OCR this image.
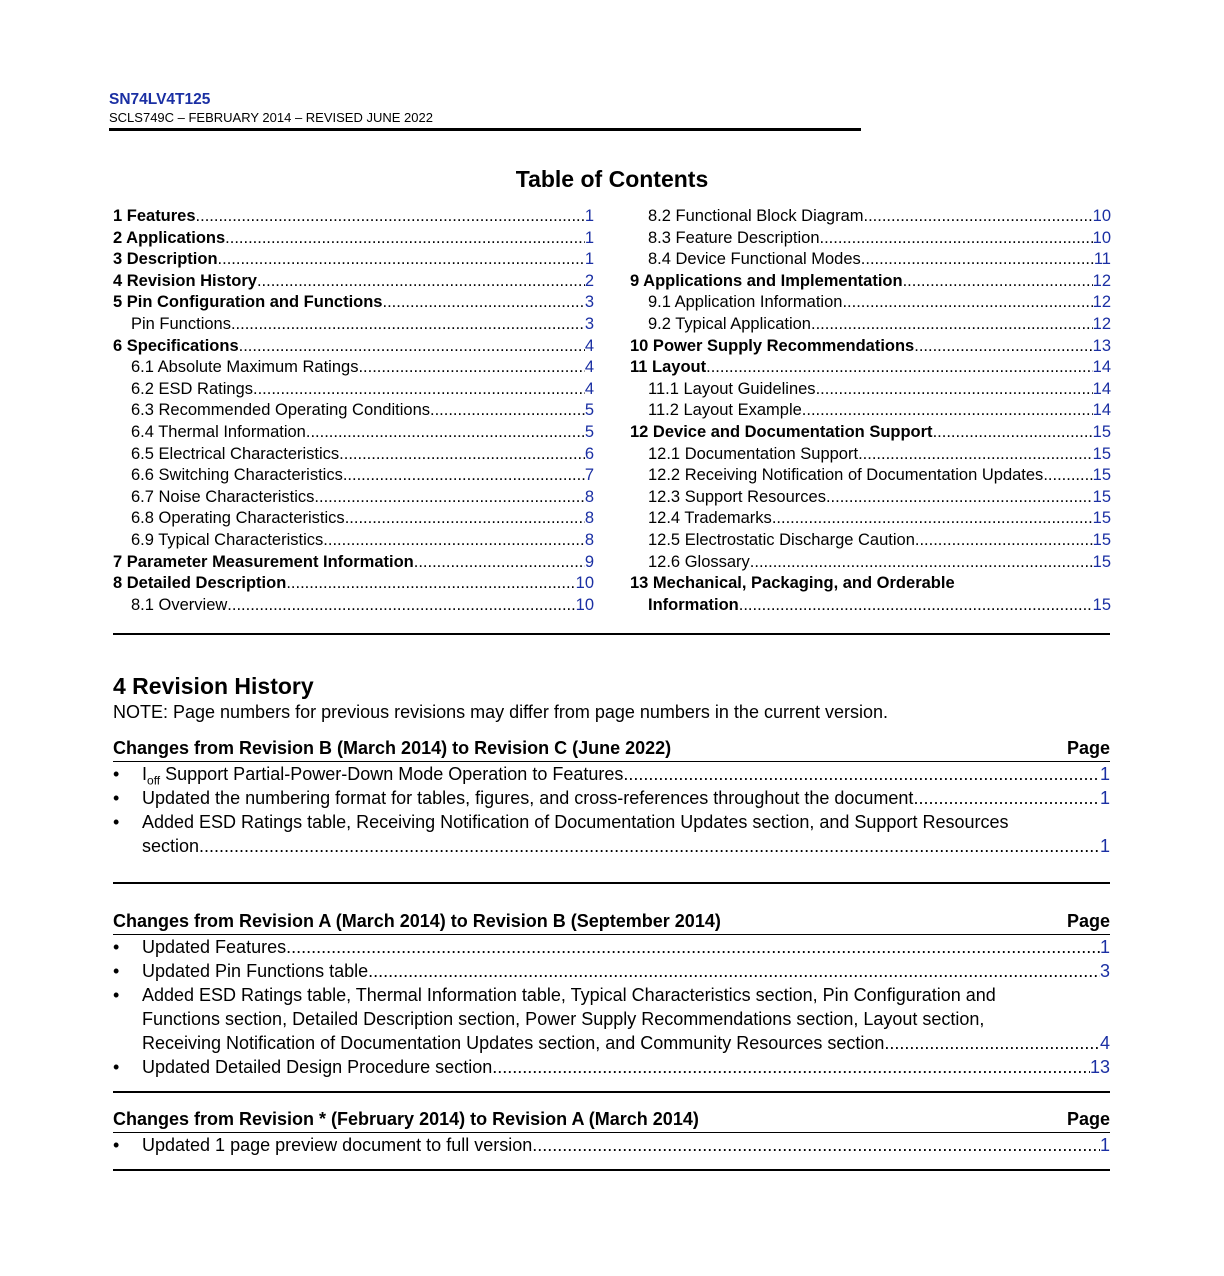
SN74LV4T125
SCLS749C – FEBRUARY 2014 – REVISED JUNE 2022
Table of Contents
1 Features .....	1
2 Applications .....	1
3 Description .....	1
4 Revision History .....	2
5 Pin Configuration and Functions .....	3
Pin Functions .....	3
6 Specifications .....	4
6.1 Absolute Maximum Ratings .....	4
6.2 ESD Ratings .....	4
6.3 Recommended Operating Conditions .....	5
6.4 Thermal Information .....	5
6.5 Electrical Characteristics .....	6
6.6 Switching Characteristics .....	7
6.7 Noise Characteristics .....	8
6.8 Operating Characteristics .....	8
6.9 Typical Characteristics .....	8
7 Parameter Measurement Information .....	9
8 Detailed Description .....	10
8.1 Overview .....	10
8.2 Functional Block Diagram .....	10
8.3 Feature Description .....	10
8.4 Device Functional Modes .....	11
9 Applications and Implementation .....	12
9.1 Application Information .....	12
9.2 Typical Application .....	12
10 Power Supply Recommendations .....	13
11 Layout .....	14
11.1 Layout Guidelines .....	14
11.2 Layout Example .....	14
12 Device and Documentation Support .....	15
12.1 Documentation Support .....	15
12.2 Receiving Notification of Documentation Updates .....	15
12.3 Support Resources .....	15
12.4 Trademarks .....	15
12.5 Electrostatic Discharge Caution .....	15
12.6 Glossary .....	15
13 Mechanical, Packaging, and Orderable
Information .....	15
4 Revision History
NOTE: Page numbers for previous revisions may differ from page numbers in the current version.
Changes from Revision B (March 2014) to Revision C (June 2022)	Page
• $I_{off}$ Support Partial-Power-Down Mode Operation to Features .....	1
• Updated the numbering format for tables, figures, and cross-references throughout the document .....	1
• Added ESD Ratings table, Receiving Notification of Documentation Updates section, and Support Resources
section .....	1
Changes from Revision A (March 2014) to Revision B (September 2014)	Page
• Updated Features. .....	1
• Updated Pin Functions table. .....	3
• Added ESD Ratings table, Thermal Information table, Typical Characteristics section, Pin Configuration and
Functions section, Detailed Description section, Power Supply Recommendations section, Layout section,
Receiving Notification of Documentation Updates section, and Community Resources section .....	4
• Updated Detailed Design Procedure section. .....	13
Changes from Revision * (February 2014) to Revision A (March 2014)	Page
• Updated 1 page preview document to full version. .....	1
